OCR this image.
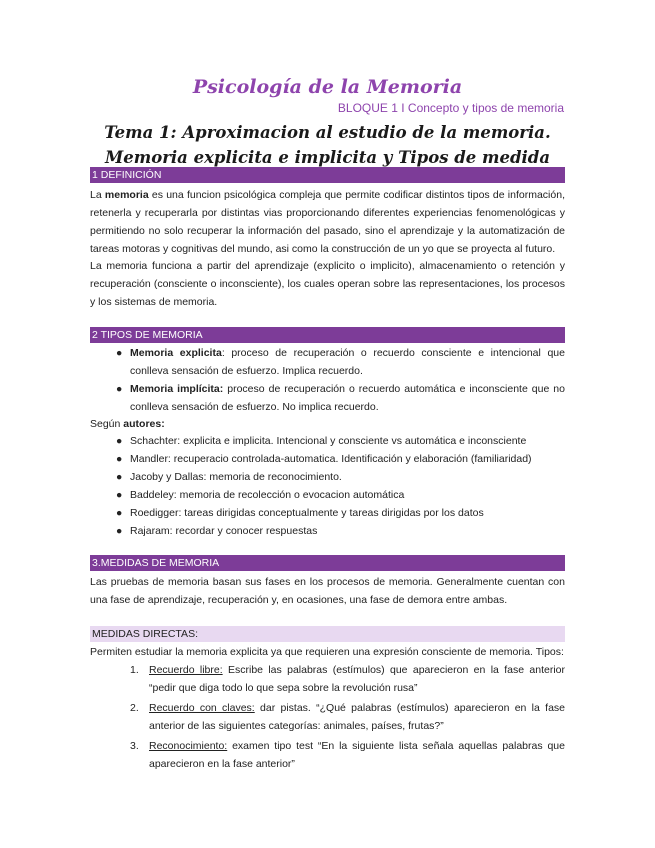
Psicología de la Memoria
BLOQUE 1 I Concepto y tipos de memoria
Tema 1: Aproximacion al estudio de la memoria.
Memoria explicita e implicita y Tipos de medida
1 DEFINICIÓN

La memoria es una funcion psicológica compleja que permite codificar distintos tipos de información, retenerla y recuperarla por distintas vias proporcionando diferentes experiencias fenomenológicas y permitiendo no solo recuperar la información del pasado, sino el aprendizaje y la automatización de tareas motoras y cognitivas del mundo, asi como la construcción de un yo que se proyecta al futuro.

La memoria funciona a partir del aprendizaje (explicito o implicito), almacenamiento o retención y recuperación (consciente o inconsciente), los cuales operan sobre las representaciones, los procesos y los sistemas de memoria.

2 TIPOS DE MEMORIA
● Memoria explicita: proceso de recuperación o recuerdo consciente e intencional que conlleva sensación de esfuerzo. Implica recuerdo.
● Memoria implícita: proceso de recuperación o recuerdo automática e inconsciente que no conlleva sensación de esfuerzo. No implica recuerdo.

Según autores:

● Schachter: explicita e implicita. Intencional y consciente vs automática e inconsciente
● Mandler: recuperacio controlada-automatica. Identificación y elaboración (familiaridad)
● Jacoby y Dallas: memoria de reconocimiento.
● Baddeley: memoria de recolección o evocacion automática
● Roedigger: tareas dirigidas conceptualmente y tareas dirigidas por los datos
● Rajaram: recordar y conocer respuestas
3.MEDIDAS DE MEMORIA

Las pruebas de memoria basan sus fases en los procesos de memoria. Generalmente cuentan con una fase de aprendizaje, recuperación y, en ocasiones, una fase de demora entre ambas.

MEDIDAS DIRECTAS:

Permiten estudiar la memoria explicita ya que requieren una expresión consciente de memoria. Tipos:

1. Recuerdo libre: Escribe las palabras (estímulos) que aparecieron en la fase anterior “pedir que diga todo lo que sepa sobre la revolución rusa”
2. Recuerdo con claves: dar pistas. “¿Qué palabras (estímulos) aparecieron en la fase anterior de las siguientes categorías: animales, países, frutas?”
3. Reconocimiento: examen tipo test “En la siguiente lista señala aquellas palabras que aparecieron en la fase anterior”
